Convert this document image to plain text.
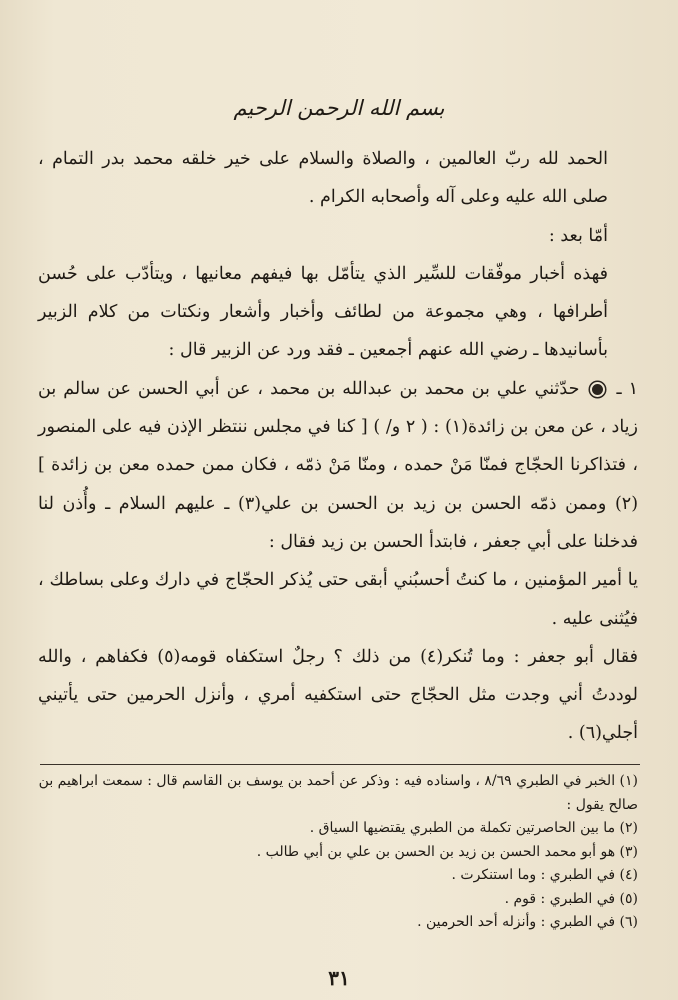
بسم الله الرحمن الرحيم

الحمد لله ربّ العالمين ، والصلاة والسلام على خير خلقه محمد بدر التمام ، صلى الله عليه وعلى آله وأصحابه الكرام .

أمّا بعد :

فهذه أخبار موفّقات للسِّير الذي يتأمّل بها فيفهم معانيها ، ويتأدّب على حُسن أطرافها ، وهي مجموعة من لطائف وأخبار وأشعار ونكتات من كلام الزبير بأسانيدها ـ رضي الله عنهم أجمعين ـ فقد ورد عن الزبير قال :

١ ـ  حدّثني علي بن محمد بن عبدالله بن محمد ، عن أبي الحسن عن سالم بن زياد ، عن معن بن زائدة(١) : ( ٢ و/ ) [ كنا في مجلس ننتظر الإذن فيه على المنصور ، فتذاكرنا الحجّاج فمنّا مَنْ حمده ، ومنّا مَنْ ذمّه ، فكان ممن حمده معن بن زائدة ](٢) وممن ذمّه الحسن بن زيد بن الحسن بن علي(٣) ـ عليهم السلام ـ وأُذن لنا فدخلنا على أبي جعفر ، فابتدأ الحسن بن زيد فقال :

يا أمير المؤمنين ، ما كنتُ أحسبُني أبقى حتى يُذكر الحجّاج في دارك وعلى بساطك ، فيُثنى عليه .

فقال أبو جعفر : وما تُنكر(٤) من ذلك ؟ رجلٌ استكفاه قومه(٥) فكفاهم ، والله لوددتُ أني وجدت مثل الحجّاج حتى استكفيه أمري ، وأنزل الحرمين حتى يأتيني أجلي(٦) .

(١) الخبر في الطبري ٨/٦٩ ، واسناده فيه : وذكر عن أحمد بن يوسف بن القاسم قال : سمعت ابراهيم بن صالح يقول :

(٢) ما بين الحاصرتين تكملة من الطبري يقتضيها السياق .

(٣) هو أبو محمد الحسن بن زيد بن الحسن بن علي بن أبي طالب .

(٤) في الطبري : وما استنكرت .

(٥) في الطبري : قوم .

(٦) في الطبري : وأنزله أحد الحرمين .

٣١
